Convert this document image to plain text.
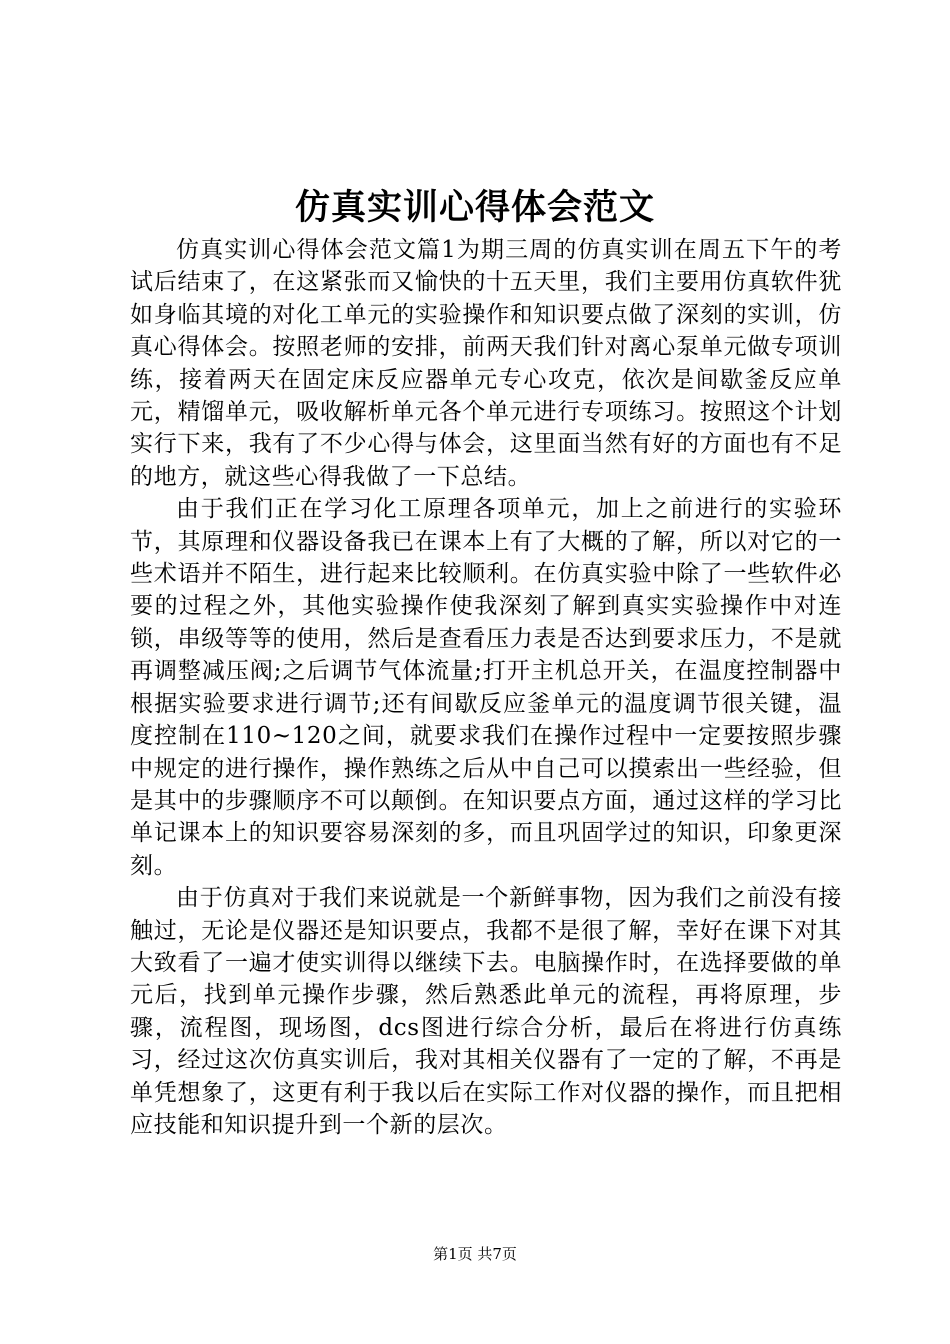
仿真实训心得体会范文

仿真实训心得体会范文篇1为期三周的仿真实训在周五下午的考试后结束了，在这紧张而又愉快的十五天里，我们主要用仿真软件犹如身临其境的对化工单元的实验操作和知识要点做了深刻的实训，仿真心得体会。按照老师的安排，前两天我们针对离心泵单元做专项训练，接着两天在固定床反应器单元专心攻克，依次是间歇釜反应单元，精馏单元，吸收解析单元各个单元进行专项练习。按照这个计划实行下来，我有了不少心得与体会，这里面当然有好的方面也有不足的地方，就这些心得我做了一下总结。

由于我们正在学习化工原理各项单元，加上之前进行的实验环节，其原理和仪器设备我已在课本上有了大概的了解，所以对它的一些术语并不陌生，进行起来比较顺利。在仿真实验中除了一些软件必要的过程之外，其他实验操作使我深刻了解到真实实验操作中对连锁，串级等等的使用，然后是查看压力表是否达到要求压力，不是就再调整减压阀;之后调节气体流量;打开主机总开关，在温度控制器中根据实验要求进行调节;还有间歇反应釜单元的温度调节很关键，温度控制在110~120之间，就要求我们在操作过程中一定要按照步骤中规定的进行操作，操作熟练之后从中自己可以摸索出一些经验，但是其中的步骤顺序不可以颠倒。在知识要点方面，通过这样的学习比单记课本上的知识要容易深刻的多，而且巩固学过的知识，印象更深刻。

由于仿真对于我们来说就是一个新鲜事物，因为我们之前没有接触过，无论是仪器还是知识要点，我都不是很了解，幸好在课下对其大致看了一遍才使实训得以继续下去。电脑操作时，在选择要做的单元后，找到单元操作步骤，然后熟悉此单元的流程，再将原理，步骤，流程图，现场图，dcs图进行综合分析，最后在将进行仿真练习，经过这次仿真实训后，我对其相关仪器有了一定的了解，不再是单凭想象了，这更有利于我以后在实际工作对仪器的操作，而且把相应技能和知识提升到一个新的层次。

第1页 共7页
